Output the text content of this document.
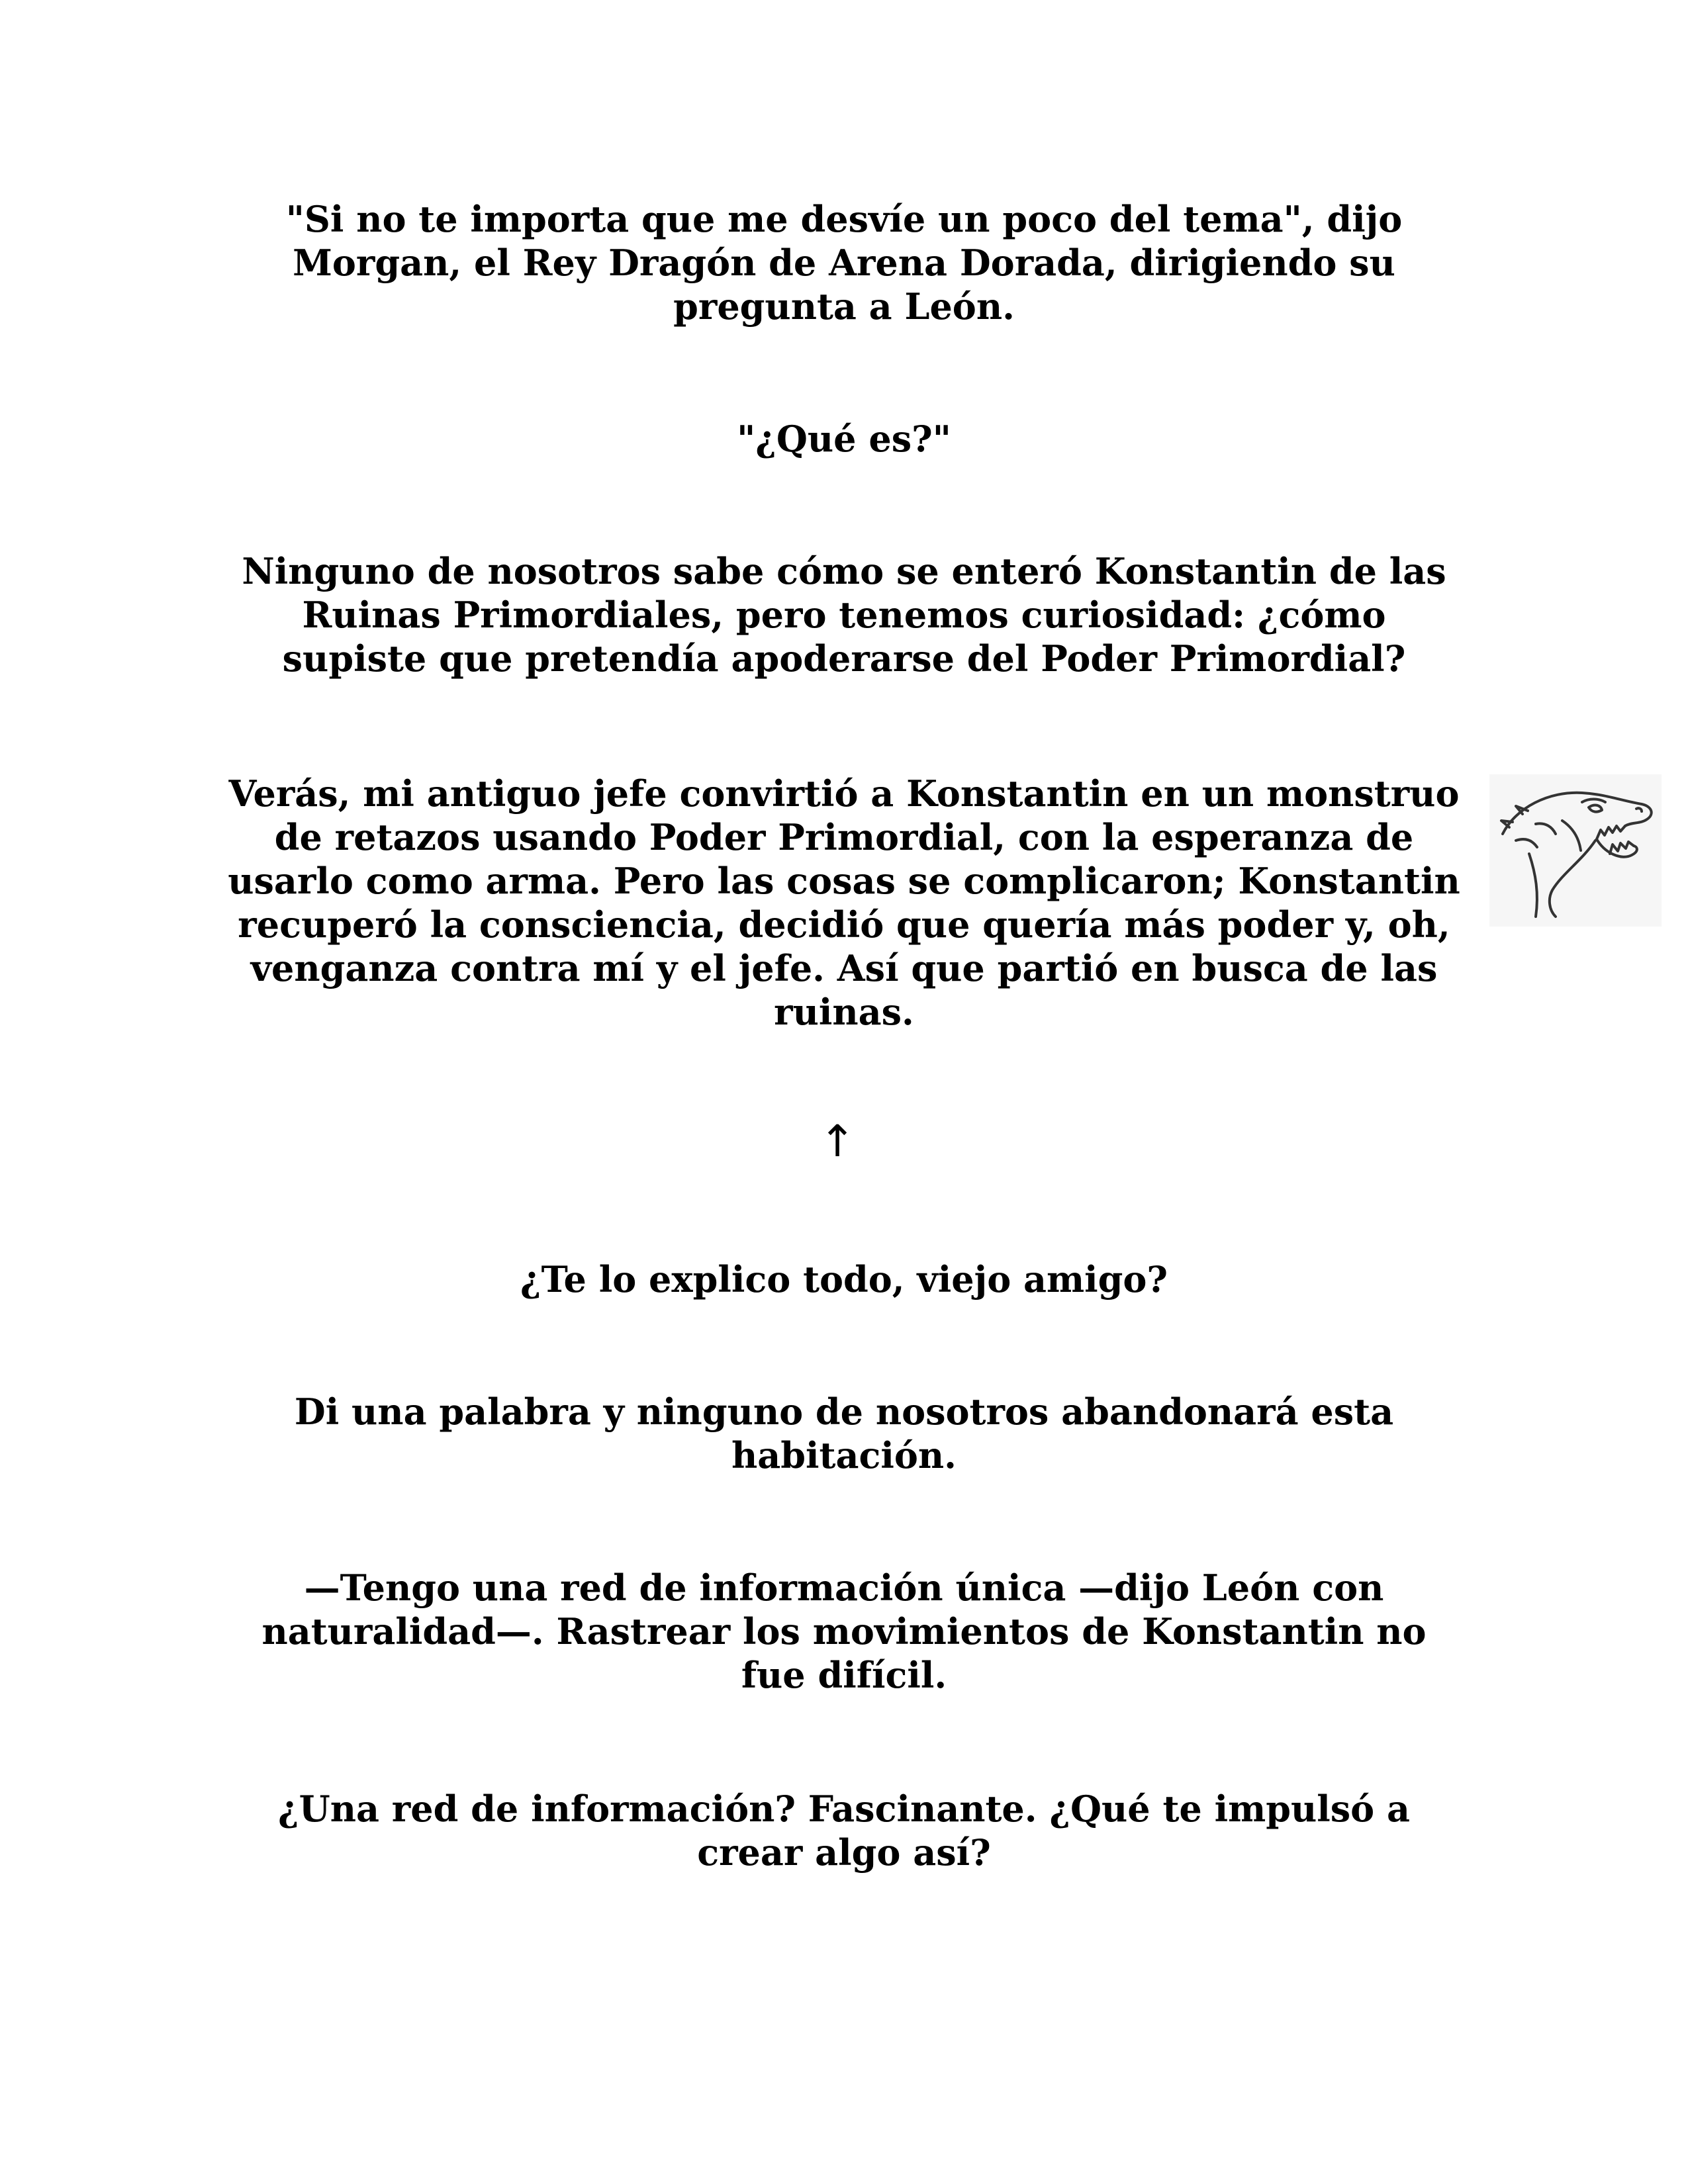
"Si no te importa que me desvíe un poco del tema", dijo Morgan, el Rey Dragón de Arena Dorada, dirigiendo su pregunta a León.

"¿Qué es?"

Ninguno de nosotros sabe cómo se enteró Konstantin de las Ruinas Primordiales, pero tenemos curiosidad: ¿cómo supiste que pretendía apoderarse del Poder Primordial?

Verás, mi antiguo jefe convirtió a Konstantin en un monstruo de retazos usando Poder Primordial, con la esperanza de usarlo como arma. Pero las cosas se complicaron; Konstantin recuperó la consciencia, decidió que quería más poder y, oh, venganza contra mí y el jefe. Así que partió en busca de las ruinas.

↑

¿Te lo explico todo, viejo amigo?

Di una palabra y ninguno de nosotros abandonará esta habitación.

—Tengo una red de información única —dijo León con naturalidad—. Rastrear los movimientos de Konstantin no fue difícil.

¿Una red de información? Fascinante. ¿Qué te impulsó a crear algo así?
